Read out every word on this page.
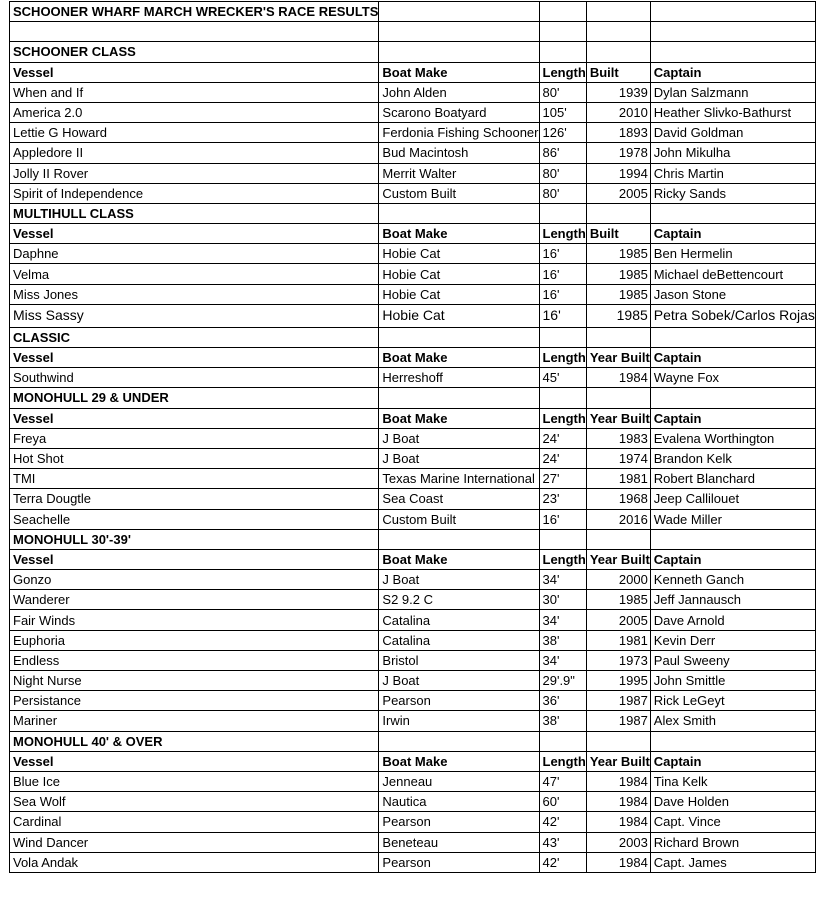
SCHOONER WHARF MARCH WRECKER'S RACE RESULTS				

SCHOONER CLASS				
Vessel	Boat Make	Length	Built	Captain
When and If	John Alden	80'	1939	Dylan Salzmann
America 2.0	Scarono Boatyard	105'	2010	Heather Slivko-Bathurst
Lettie G Howard	Ferdonia Fishing Schooner	126'	1893	David Goldman
Appledore II	Bud Macintosh	86'	1978	John Mikulha
Jolly II Rover	Merrit Walter	80'	1994	Chris Martin
Spirit of Independence	Custom Built	80'	2005	Ricky Sands
MULTIHULL CLASS				
Vessel	Boat Make	Length	Built	Captain
Daphne	Hobie Cat	16'	1985	Ben Hermelin
Velma	Hobie Cat	16'	1985	Michael deBettencourt
Miss Jones	Hobie Cat	16'	1985	Jason Stone
Miss Sassy	Hobie Cat	16'	1985	Petra Sobek/Carlos Rojas
CLASSIC				
Vessel	Boat Make	Length	Year Built	Captain
Southwind	Herreshoff	45'	1984	Wayne Fox
MONOHULL 29 & UNDER				
Vessel	Boat Make	Length	Year Built	Captain
Freya	J Boat	24'	1983	Evalena Worthington
Hot Shot	J Boat	24'	1974	Brandon Kelk
TMI	Texas Marine International	27'	1981	Robert Blanchard
Terra Dougtle	Sea Coast	23'	1968	Jeep Callilouet
Seachelle	Custom Built	16'	2016	Wade Miller
MONOHULL 30'-39'				
Vessel	Boat Make	Length	Year Built	Captain
Gonzo	J Boat	34'	2000	Kenneth Ganch
Wanderer	S2 9.2 C	30'	1985	Jeff Jannausch
Fair Winds	Catalina	34'	2005	Dave Arnold
Euphoria	Catalina	38'	1981	Kevin Derr
Endless	Bristol	34'	1973	Paul Sweeny
Night Nurse	J Boat	29'.9"	1995	John Smittle
Persistance	Pearson	36'	1987	Rick LeGeyt
Mariner	Irwin	38'	1987	Alex Smith
MONOHULL 40' & OVER				
Vessel	Boat Make	Length	Year Built	Captain
Blue Ice	Jenneau	47'	1984	Tina Kelk
Sea Wolf	Nautica	60'	1984	Dave Holden
Cardinal	Pearson	42'	1984	Capt. Vince
Wind Dancer	Beneteau	43'	2003	Richard Brown
Vola Andak	Pearson	42'	1984	Capt. James
